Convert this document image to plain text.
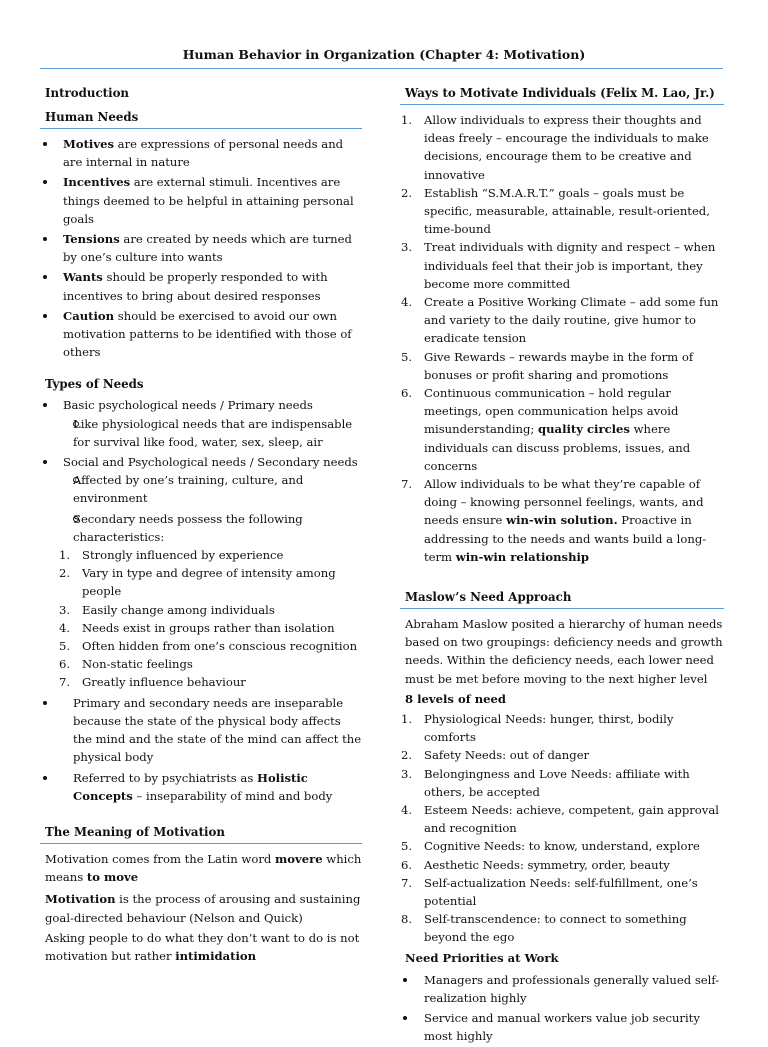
Human Behavior in Organization (Chapter 4: Motivation)
Introduction
Human Needs
Motives are expressions of personal needs and are internal in nature
Incentives are external stimuli. Incentives are things deemed to be helpful in attaining personal goals
Tensions are created by needs which are turned by one’s culture into wants
Wants should be properly responded to with incentives to bring about desired responses
Caution should be exercised to avoid our own motivation patterns to be identified with those of others
Types of Needs
Basic psychological needs / Primary needs
Like physiological needs that are indispensable for survival like food, water, sex, sleep, air
Social and Psychological needs / Secondary needs
Affected by one’s training, culture, and environment
Secondary needs possess the following characteristics:
1. Strongly influenced by experience
2. Vary in type and degree of intensity among people
3. Easily change among individuals
4. Needs exist in groups rather than isolation
5. Often hidden from one’s conscious recognition
6. Non-static feelings
7. Greatly influence behaviour
Primary and secondary needs are inseparable because the state of the physical body affects the mind and the state of the mind can affect the physical body
Referred to by psychiatrists as Holistic Concepts – inseparability of mind and body
The Meaning of Motivation

Motivation comes from the Latin word movere which means to move

Motivation is the process of arousing and sustaining goal-directed behaviour (Nelson and Quick)

Asking people to do what they don’t want to do is not motivation but rather intimidation

Ways to Motivate Individuals (Felix M. Lao, Jr.)
1. Allow individuals to express their thoughts and ideas freely – encourage the individuals to make decisions, encourage them to be creative and innovative
2. Establish “S.M.A.R.T.” goals – goals must be specific, measurable, attainable, result-oriented, time-bound
3. Treat individuals with dignity and respect – when individuals feel that their job is important, they become more committed
4. Create a Positive Working Climate – add some fun and variety to the daily routine, give humor to eradicate tension
5. Give Rewards – rewards maybe in the form of bonuses or profit sharing and promotions
6. Continuous communication – hold regular meetings, open communication helps avoid misunderstanding; quality circles where individuals can discuss problems, issues, and concerns
7. Allow individuals to be what they’re capable of doing – knowing personnel feelings, wants, and needs ensure win-win solution. Proactive in addressing to the needs and wants build a long-term win-win relationship
Maslow’s Need Approach

Abraham Maslow posited a hierarchy of human needs based on two groupings: deficiency needs and growth needs. Within the deficiency needs, each lower need must be met before moving to the next higher level

8 levels of need
1. Physiological Needs: hunger, thirst, bodily comforts
2. Safety Needs: out of danger
3. Belongingness and Love Needs: affiliate with others, be accepted
4. Esteem Needs: achieve, competent, gain approval and recognition
5. Cognitive Needs: to know, understand, explore
6. Aesthetic Needs: symmetry, order, beauty
7. Self-actualization Needs: self-fulfillment, one’s potential
8. Self-transcendence: to connect to something beyond the ego
Need Priorities at Work
Managers and professionals generally valued self-realization highly
Service and manual workers value job security most highly
